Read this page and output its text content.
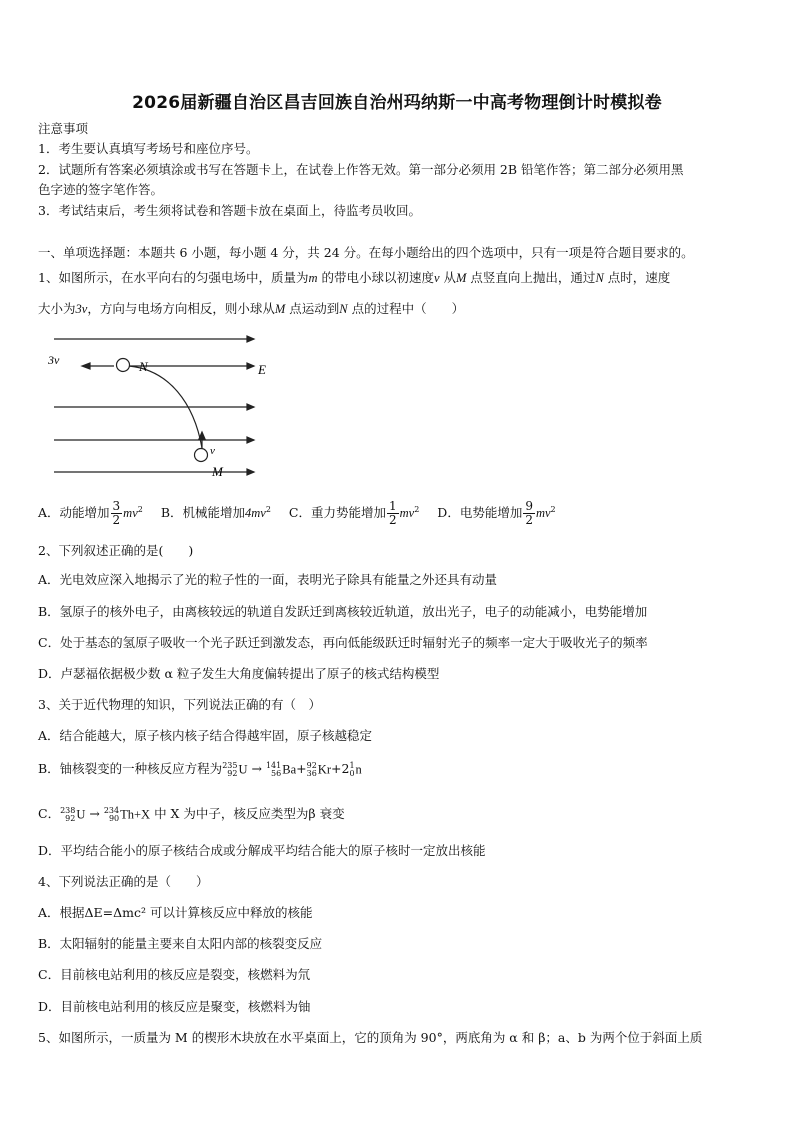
2026届新疆自治区昌吉回族自治州玛纳斯一中高考物理倒计时模拟卷
注意事项
1．考生要认真填写考场号和座位序号。
2．试题所有答案必须填涂或书写在答题卡上，在试卷上作答无效。第一部分必须用 2B 铅笔作答；第二部分必须用黑
色字迹的签字笔作答。
3．考试结束后，考生须将试卷和答题卡放在桌面上，待监考员收回。
一、单项选择题：本题共 6 小题，每小题 4 分，共 24 分。在每小题给出的四个选项中，只有一项是符合题目要求的。
1、如图所示，在水平向右的匀强电场中，质量为m 的带电小球以初速度v 从M 点竖直向上抛出，通过N 点时，速度
大小为3v，方向与电场方向相反，则小球从M 点运动到N 点的过程中（　　）
3v	N	E
v
M
A．动能增加 $\frac{3}{2} mv^2$ B．机械能增加$4mv^2$ C．重力势能增加 $\frac{1}{2} mv^2$ D．电势能增加 $\frac{9}{2} mv^2$
2、下列叙述正确的是(　　)
A．光电效应深入地揭示了光的粒子性的一面，表明光子除具有能量之外还具有动量
B．氢原子的核外电子，由离核较远的轨道自发跃迁到离核较近轨道，放出光子，电子的动能减小，电势能增加
C．处于基态的氢原子吸收一个光子跃迁到激发态，再向低能级跃迁时辐射光子的频率一定大于吸收光子的频率
D．卢瑟福依据极少数 α 粒子发生大角度偏转提出了原子的核式结构模型
3、关于近代物理的知识，下列说法正确的有（　）
A．结合能越大，原子核内核子结合得越牢固，原子核越稳定
B．铀核裂变的一种核反应方程为 235
92 U → 141
56 Ba+ 92
36 Kr+2 1
0 n
C． 238
92 U → 234
90 Th+X 中 X 为中子，核反应类型为β 衰变
D．平均结合能小的原子核结合成或分解成平均结合能大的原子核时一定放出核能
4、下列说法正确的是（　　）
A．根据ΔE=Δmc² 可以计算核反应中释放的核能
B．太阳辐射的能量主要来自太阳内部的核裂变反应
C．目前核电站利用的核反应是裂变，核燃料为氘
D．目前核电站利用的核反应是聚变，核燃料为铀
5、如图所示，一质量为 M 的楔形木块放在水平桌面上，它的顶角为 90°，两底角为 α 和 β；a、b 为两个位于斜面上质
